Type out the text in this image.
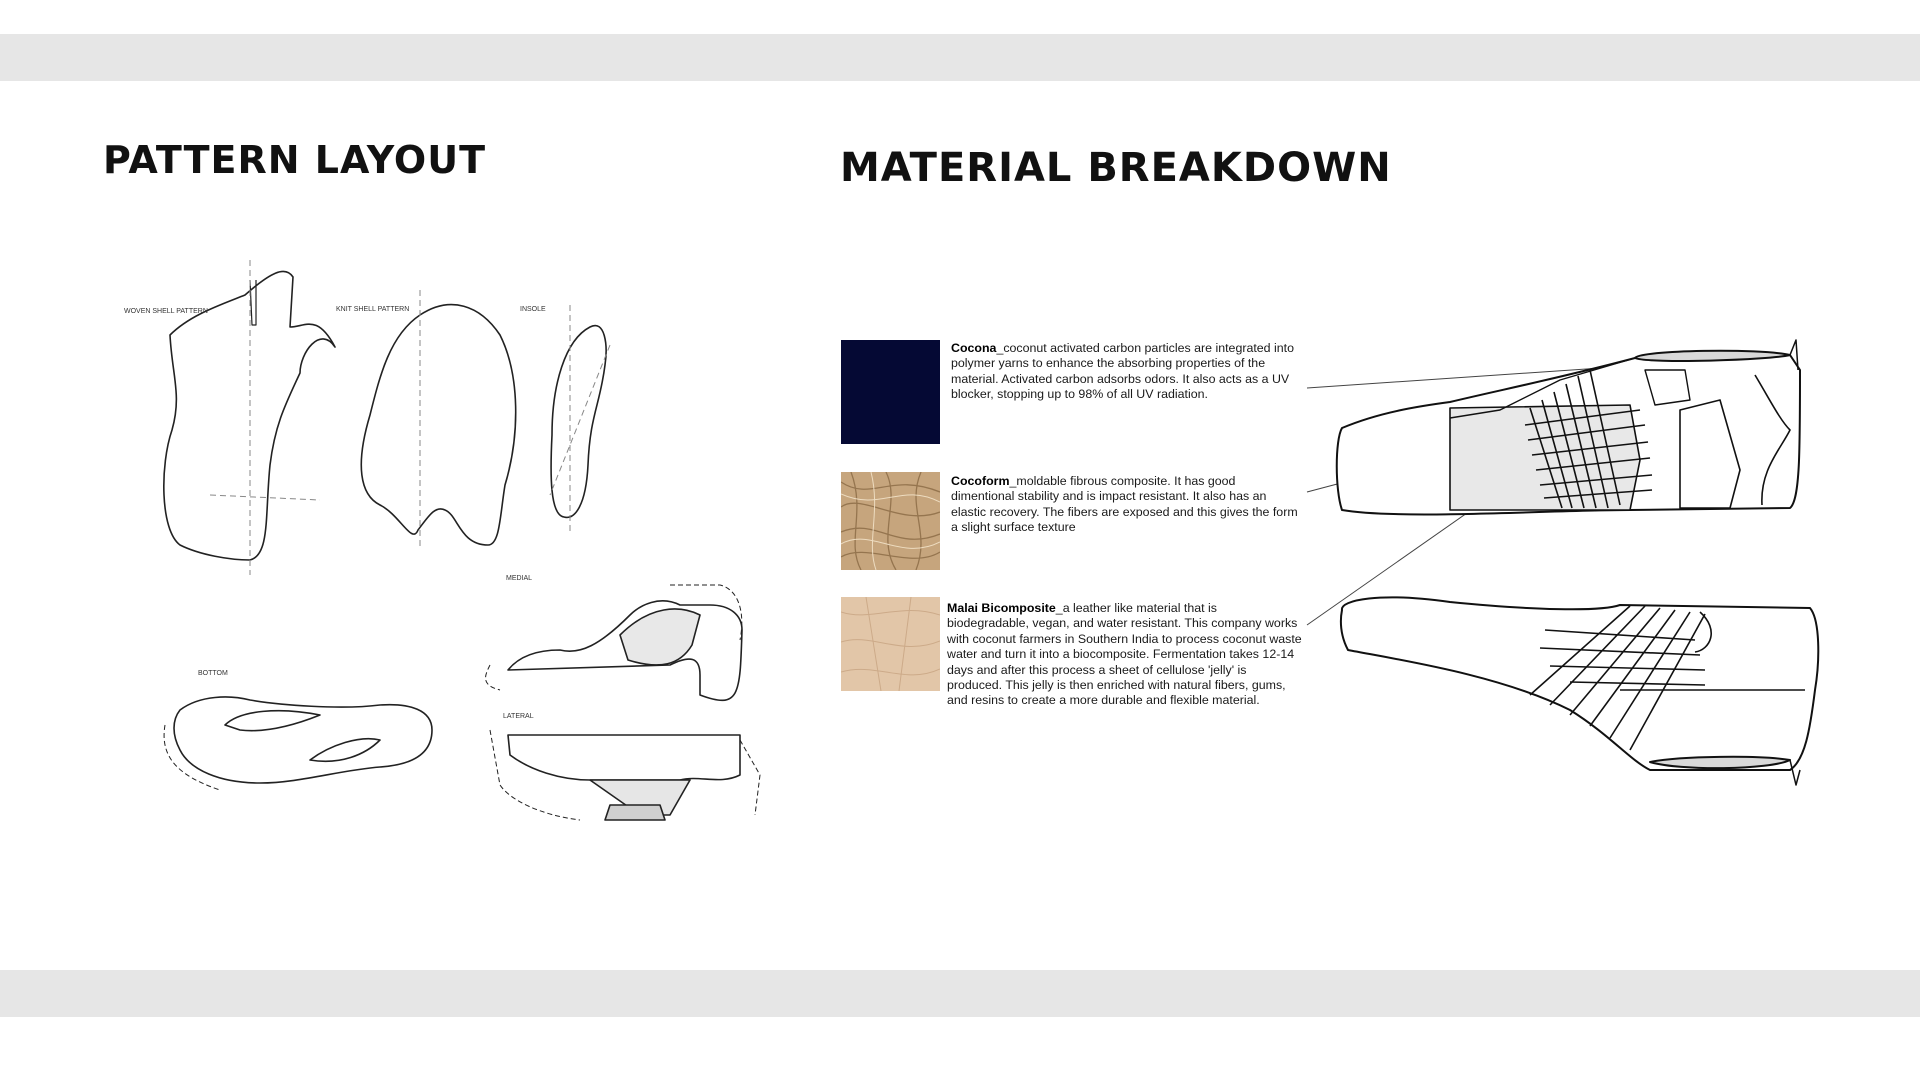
PATTERN LAYOUT	MATERIAL BREAKDOWN
WOVEN SHELL PATTERN	KNIT SHELL PATTERN	INSOLE
MEDIAL
BOTTOM
LATERAL
Cocona_coconut activated carbon particles are integrated into polymer yarns to enhance the absorbing properties of the material. Activated carbon adsorbs odors. It also acts as a UV blocker, stopping up to 98% of all UV radiation.
Cocoform_moldable fibrous composite. It has good dimentional stability and is impact resistant. It also has an elastic recovery. The fibers are exposed and this gives the form a slight surface texture
Malai Bicomposite_a leather like material that is biodegradable, vegan, and water resistant. This company works with coconut farmers in Southern India to process coconut waste water and turn it into a biocomposite. Fermentation takes 12-14 days and after this process a sheet of cellulose 'jelly' is produced. This jelly is then enriched with natural fibers, gums, and resins to create a more durable and flexible material.
